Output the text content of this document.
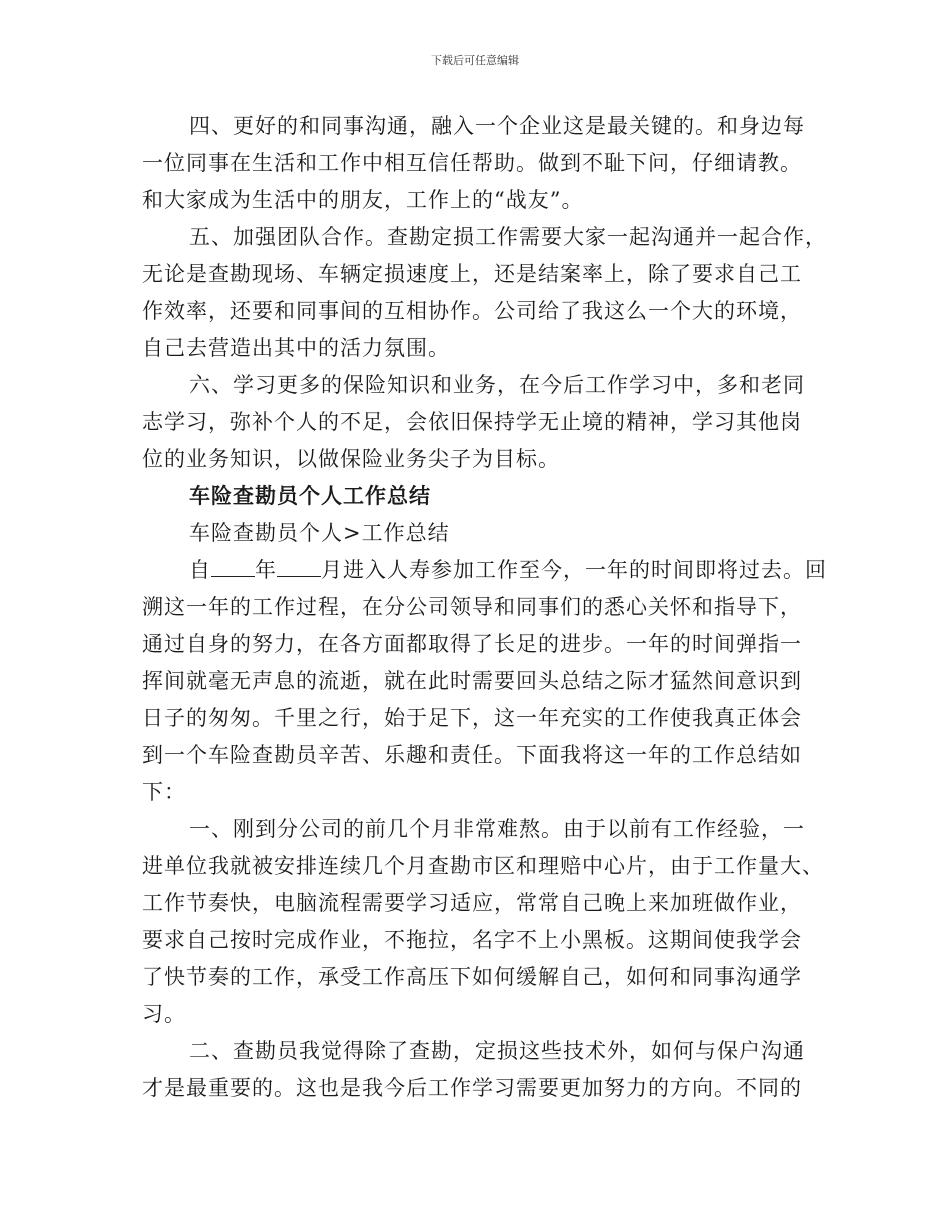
下载后可任意编辑
四、更好的和同事沟通，融入一个企业这是最关键的。和身边每
一位同事在生活和工作中相互信任帮助。做到不耻下问，仔细请教。
和大家成为生活中的朋友，工作上的“战友”。
五、加强团队合作。查勘定损工作需要大家一起沟通并一起合作，
无论是查勘现场、车辆定损速度上，还是结案率上，除了要求自己工
作效率，还要和同事间的互相协作。公司给了我这么一个大的环境，
自己去营造出其中的活力氛围。
六、学习更多的保险知识和业务，在今后工作学习中，多和老同
志学习，弥补个人的不足，会依旧保持学无止境的精神，学习其他岗
位的业务知识，以做保险业务尖子为目标。
车险查勘员个人工作总结
车险查勘员个人>工作总结
自 年 月进入人寿参加工作至今，一年的时间即将过去。回
溯这一年的工作过程，在分公司领导和同事们的悉心关怀和指导下，
通过自身的努力，在各方面都取得了长足的进步。一年的时间弹指一
挥间就毫无声息的流逝，就在此时需要回头总结之际才猛然间意识到
日子的匆匆。千里之行，始于足下，这一年充实的工作使我真正体会
到一个车险查勘员辛苦、乐趣和责任。下面我将这一年的工作总结如
下：
一、刚到分公司的前几个月非常难熬。由于以前有工作经验，一
进单位我就被安排连续几个月查勘市区和理赔中心片，由于工作量大、
工作节奏快，电脑流程需要学习适应，常常自己晚上来加班做作业，
要求自己按时完成作业，不拖拉，名字不上小黑板。这期间使我学会
了快节奏的工作，承受工作高压下如何缓解自己，如何和同事沟通学
习。
二、查勘员我觉得除了查勘，定损这些技术外，如何与保户沟通
才是最重要的。这也是我今后工作学习需要更加努力的方向。不同的
